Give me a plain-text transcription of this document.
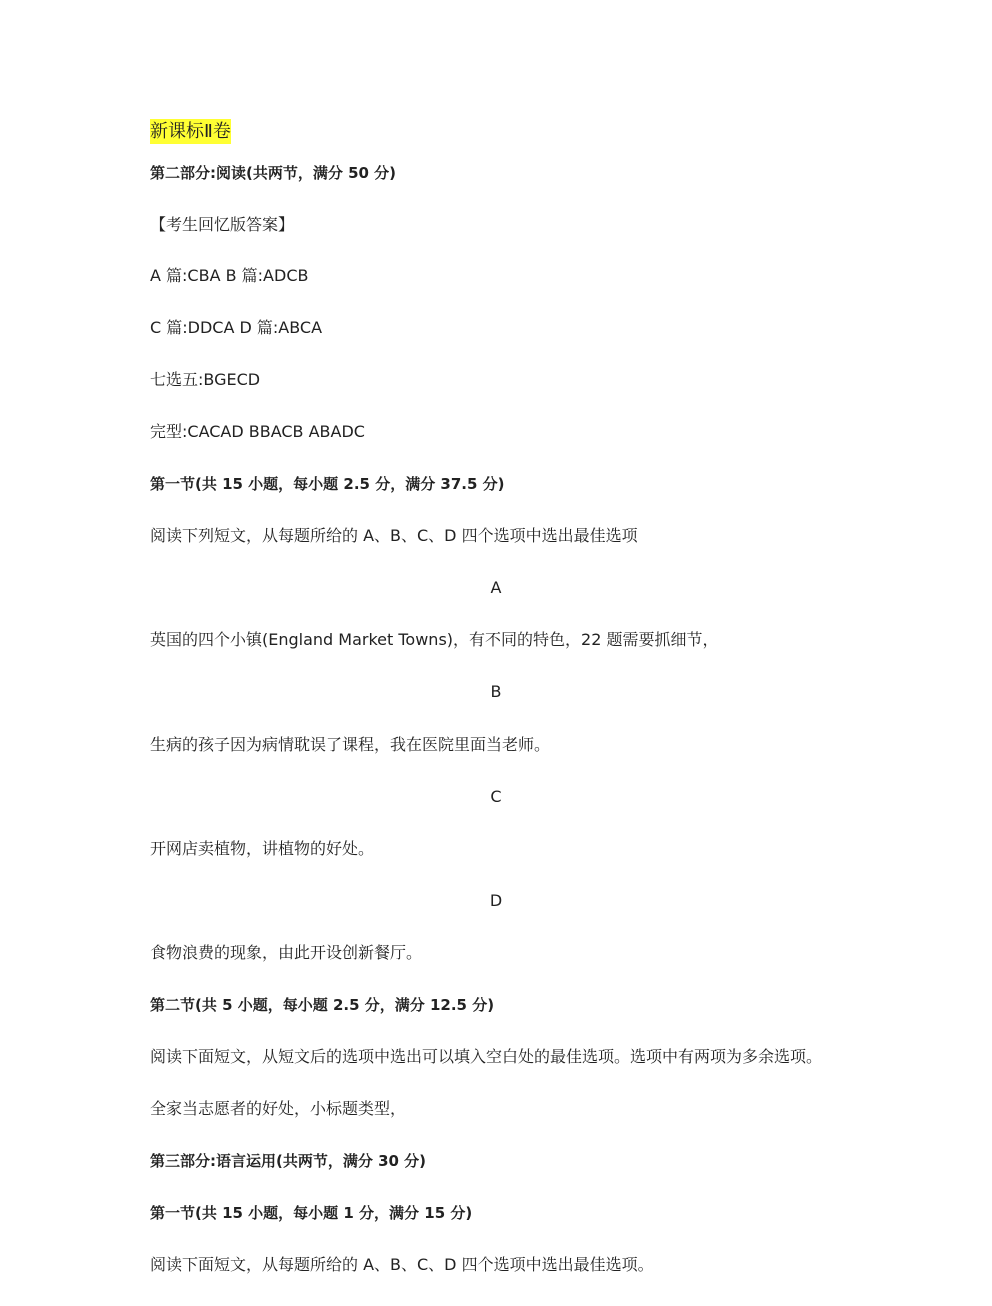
新课标Ⅱ卷

第二部分:阅读(共两节，满分 50 分)

【考生回忆版答案】

A 篇:CBA B 篇:ADCB

C 篇:DDCA D 篇:ABCA

七选五:BGECD

完型:CACAD BBACB ABADC

第一节(共 15 小题，每小题 2.5 分，满分 37.5 分)

阅读下列短文，从每题所给的 A、B、C、D 四个选项中选出最佳选项

A

英国的四个小镇(England Market Towns)，有不同的特色，22 题需要抓细节，

B

生病的孩子因为病情耽误了课程，我在医院里面当老师。

C

开网店卖植物，讲植物的好处。

D

食物浪费的现象，由此开设创新餐厅。

第二节(共 5 小题，每小题 2.5 分，满分 12.5 分)

阅读下面短文，从短文后的选项中选出可以填入空白处的最佳选项。选项中有两项为多余选项。

全家当志愿者的好处，小标题类型，

第三部分:语言运用(共两节，满分 30 分)

第一节(共 15 小题，每小题 1 分，满分 15 分)

阅读下面短文，从每题所给的 A、B、C、D 四个选项中选出最佳选项。
